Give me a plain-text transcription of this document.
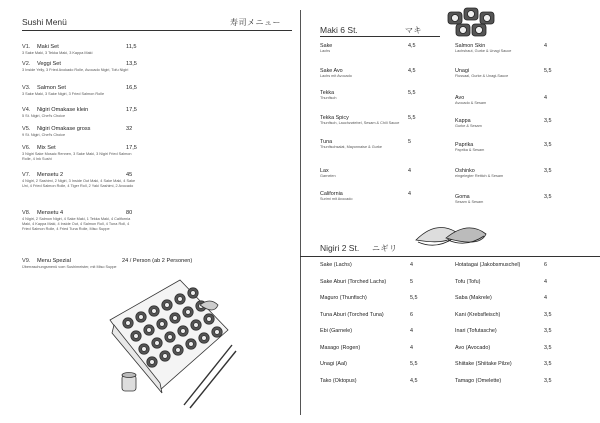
Sushi Menü	寿司メニュー
V1. Maki Set	11,5
3 Sake Maki, 3 Tekka Maki, 3 Kappa Maki
V2. Veggi Set	13,5
3 Inside Yelly, 3 Fried Avokado Rolle, Avocado Nigiri, Tofu Nigiri
V3. Salmon Set	16,5
3 Sake Maki, 3 Sake Nigiri, 3 Fried Salmon Rolle
V4. Nigiri Omakase klein	17,5
5 St. Nigiri, Chef's Choice
V5. Nigiri Omakase gross	32
9 St. Nigiri, Chef's Choice
V6. Mix Set	17,5
3 Nigiri Sake Mosaic Rennen, 3 Sake Maki, 3 Nigiri Fried Salmon Rolle, 4 Ink Sushi
V7. Mensetu 2	45
4 Nigiri, 2 Sashimi, 2 Nigiri, 3 Inside Out Maki, 4 Sake Maki, 4 Sake Uni, 4 Fried Salmon Rolle, 4 Tiger Roll, 2 Yaki Sashimi, 2 Avocado
V8. Mensetu 4	80
4 Nigiri, 2 Salmon Nigiri, 4 Sake Maki, 1 Tekka Maki, 4 California Maki, 4 Kappa Maki, 4 Inside Out, 4 Salmon Roll, 4 Tuna Roll, 4 Fried Salmon Rolle, 4 Fried Tuna Rolle, Miso Suppe
V9. Menu Spezial	24 / Person (ab 2 Personen)
Überraschungsmenü vom Sushimeister, mit Miso Suppe
Maki 6 St.	マキ
Sake	4,5
Lachs
Sake Avo	4,5
Lachs mit Avocado
Tekka	5,5
Thunfisch
Tekka Spicy	5,5
Thunfisch, Lauchzwiebel, Sesam & Chili Sauce
Tuna	5
Thunfischsalat, Mayonnaise & Gurke
Lax	4
Garnelen
California	4
Surimi mit Avocado
Salmon Skin	4
Lachshaut, Gurke & Unagi Sauce
Unagi	5,5
Flussaal, Gurke & Unagi-Sauce
Avo	4
Avocado & Sesam
Kappa	3,5
Gurke & Sesam
Paprika	3,5
Paprika & Sesam
Oshinko	3,5
eingelegter Rettich & Sesam
Goma	3,5
Sesam & Sesam
Nigiri 2 St. ニギリ
Sake (Lachs)	4
Sake Aburi (Torched Lachs)	5
Maguro (Thunfisch)	5,5
Tuna Aburi (Torched Tuna)	6
Ebi (Garnele)	4
Masago (Rogen)	4
Unagi (Aal)	5,5
Tako (Oktopus)	4,5
Hotatagai (Jakobsmuschel)	6
Tofu (Tofu)	4
Saba (Makrele)	4
Kani (Krebsfleisch)	3,5
Inari (Tofutasche)	3,5
Avo (Avocado)	3,5
Shiitake (Shiitake Pilze)	3,5
Tamago (Omelette)	3,5
